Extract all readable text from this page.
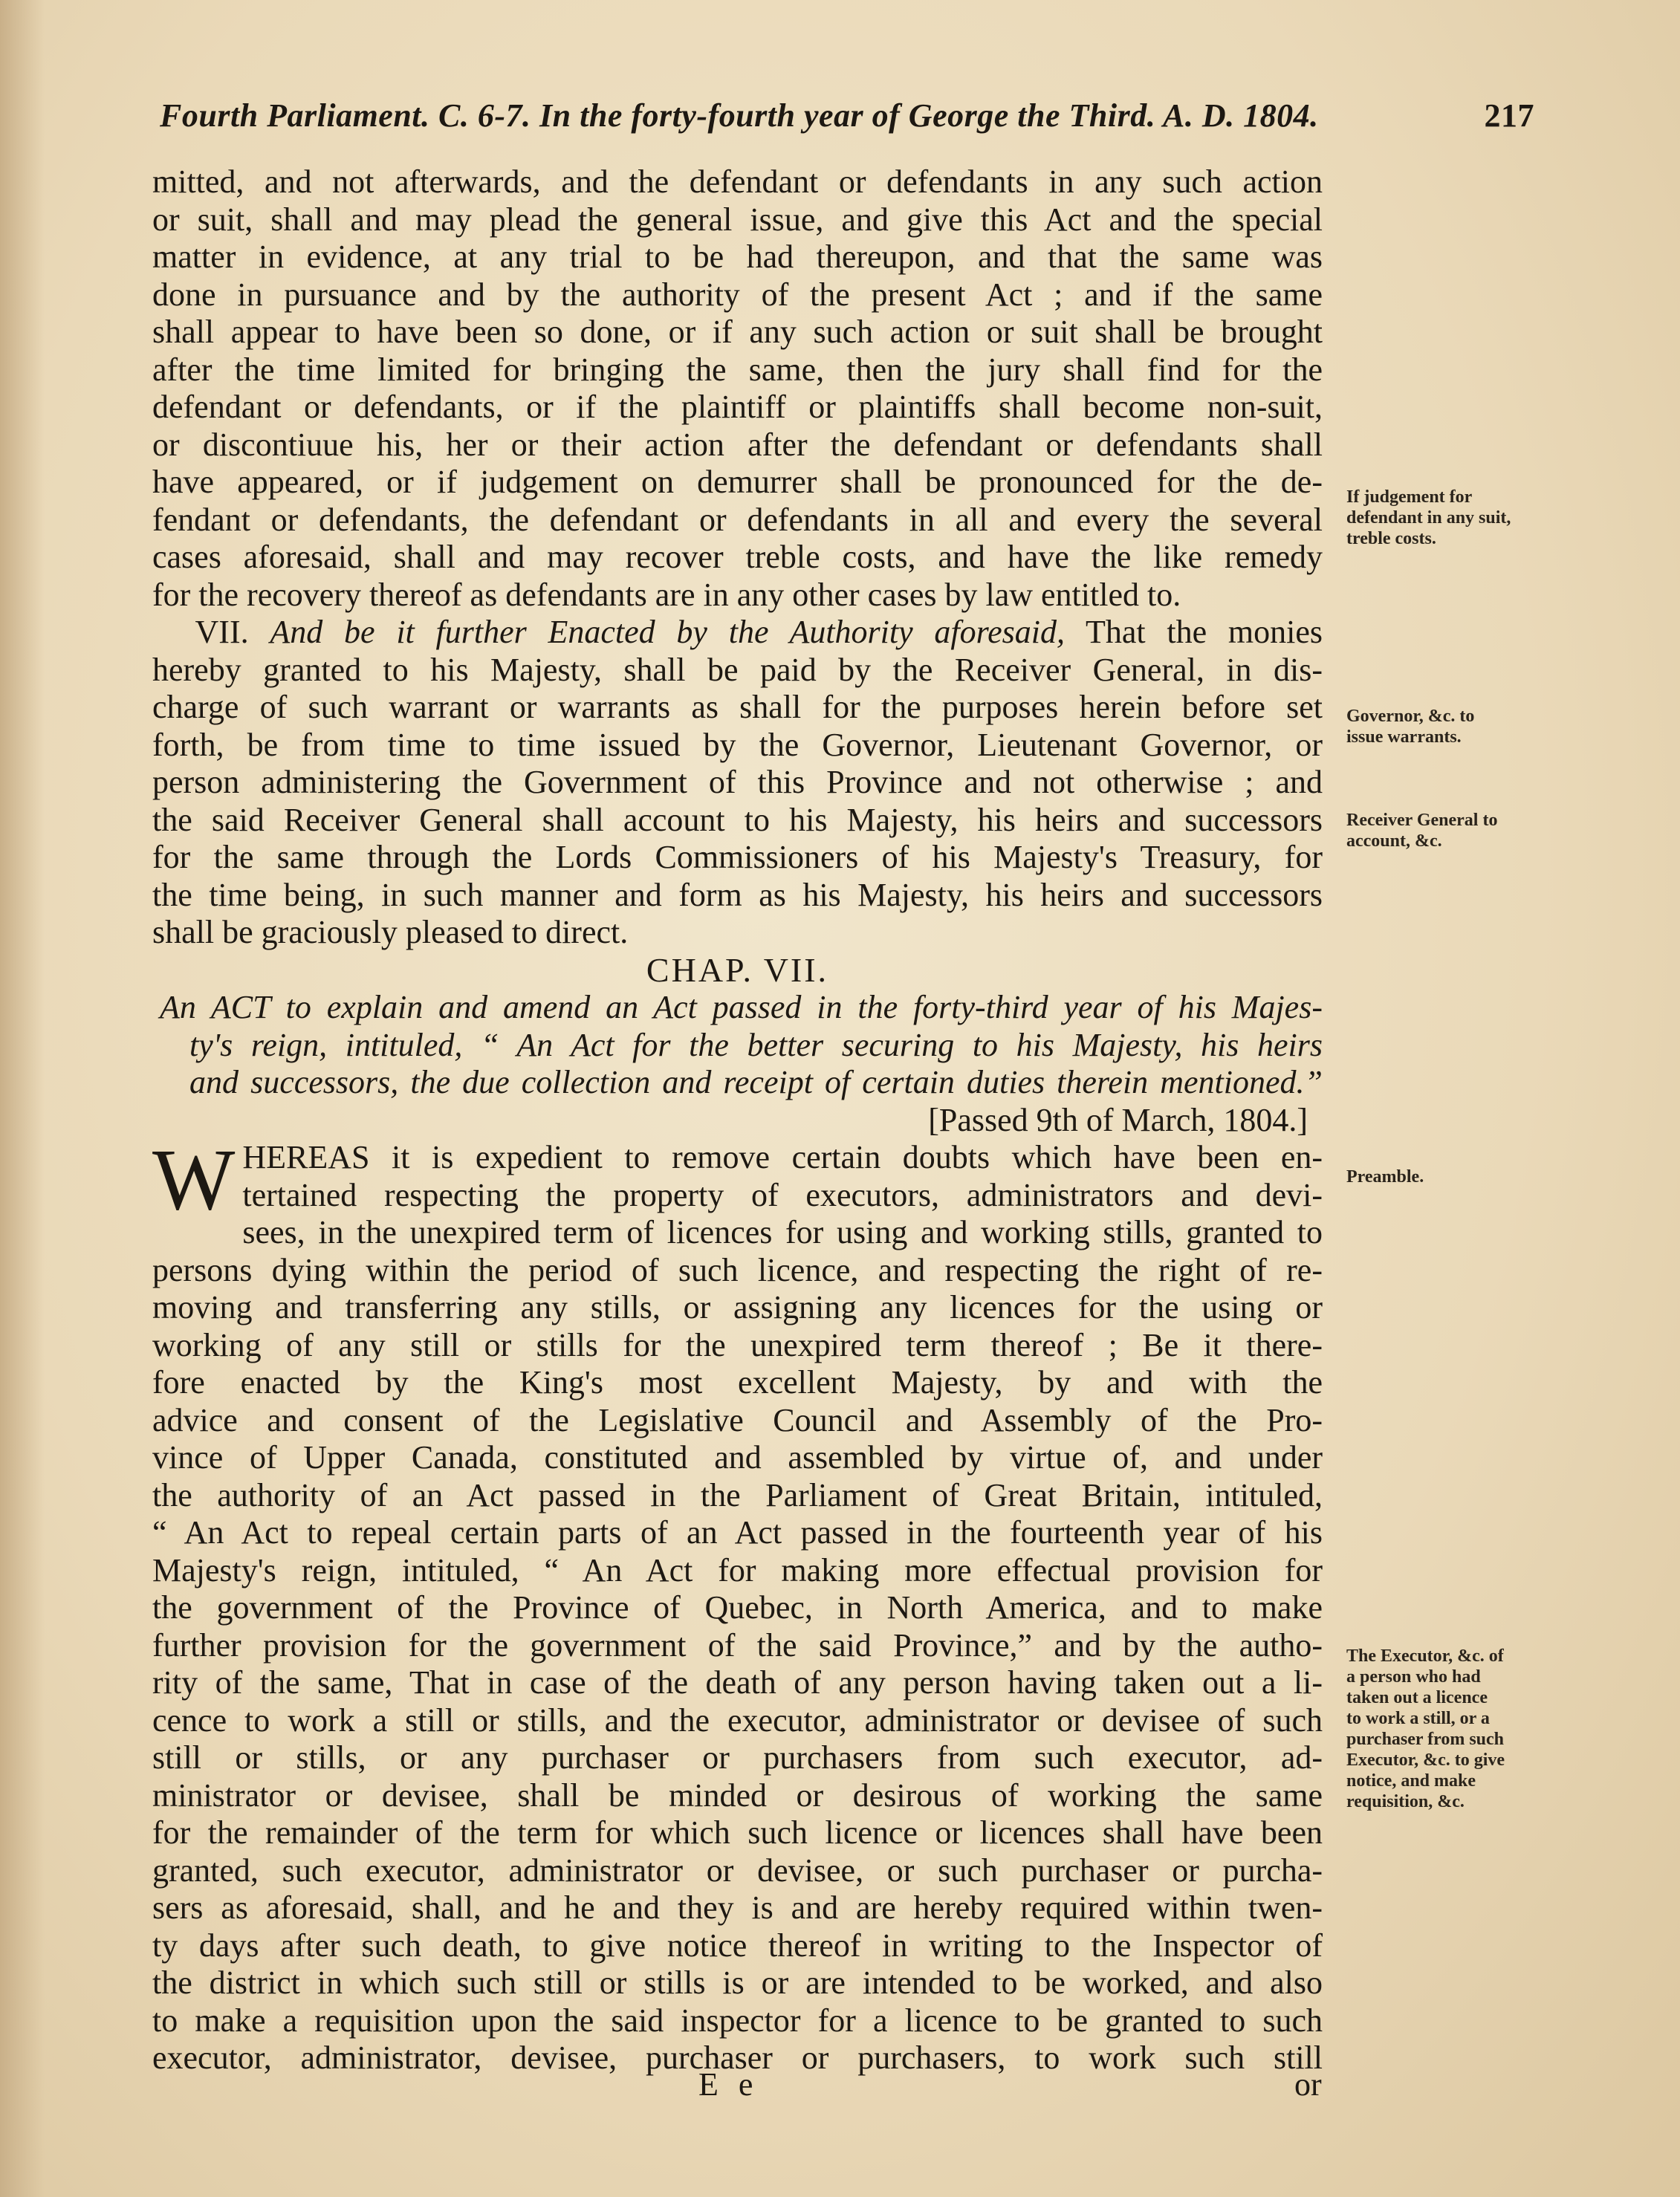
Fourth Parliament. C. 6-7. In the forty-fourth year of George the Third. A. D. 1804.	217

mitted, and not afterwards, and the defendant or defendants in any such action
or suit, shall and may plead the general issue, and give this Act and the special
matter in evidence, at any trial to be had thereupon, and that the same was
done in pursuance and by the authority of the present Act ; and if the same
shall appear to have been so done, or if any such action or suit shall be brought
after the time limited for bringing the same, then the jury shall find for the
defendant or defendants, or if the plaintiff or plaintiffs shall become non-suit,
or discontiuue his, her or their action after the defendant or defendants shall
have appeared, or if judgement on demurrer shall be pronounced for the de-
fendant or defendants, the defendant or defendants in all and every the several
cases aforesaid, shall and may recover treble costs, and have the like remedy
for the recovery thereof as defendants are in any other cases by law entitled to.

VII. And be it further Enacted by the Authority aforesaid, That the monies
hereby granted to his Majesty, shall be paid by the Receiver General, in dis-
charge of such warrant or warrants as shall for the purposes herein before set
forth, be from time to time issued by the Governor, Lieutenant Governor, or
person administering the Government of this Province and not otherwise ; and
the said Receiver General shall account to his Majesty, his heirs and successors
for the same through the Lords Commissioners of his Majesty's Treasury, for
the time being, in such manner and form as his Majesty, his heirs and successors
shall be graciously pleased to direct.

CHAP. VII.

An ACT to explain and amend an Act passed in the forty-third year of his Majes-
ty's reign, intituled, “ An Act for the better securing to his Majesty, his heirs
and successors, the due collection and receipt of certain duties therein mentioned.”

[Passed 9th of March, 1804.]

W HEREAS it is expedient to remove certain doubts which have been en-
tertained respecting the property of executors, administrators and devi-
sees, in the unexpired term of licences for using and working stills, granted to
persons dying within the period of such licence, and respecting the right of re-
moving and transferring any stills, or assigning any licences for the using or
working of any still or stills for the unexpired term thereof ; Be it there-
fore enacted by the King's most excellent Majesty, by and with the
advice and consent of the Legislative Council and Assembly of the Pro-
vince of Upper Canada, constituted and assembled by virtue of, and under
the authority of an Act passed in the Parliament of Great Britain, intituled,
“ An Act to repeal certain parts of an Act passed in the fourteenth year of his
Majesty's reign, intituled, “ An Act for making more effectual provision for
the government of the Province of Quebec, in North America, and to make
further provision for the government of the said Province,” and by the autho-
rity of the same, That in case of the death of any person having taken out a li-
cence to work a still or stills, and the executor, administrator or devisee of such
still or stills, or any purchaser or purchasers from such executor, ad-
ministrator or devisee, shall be minded or desirous of working the same
for the remainder of the term for which such licence or licences shall have been
granted, such executor, administrator or devisee, or such purchaser or purcha-
sers as aforesaid, shall, and he and they is and are hereby required within twen-
ty days after such death, to give notice thereof in writing to the Inspector of
the district in which such still or stills is or are intended to be worked, and also
to make a requisition upon the said inspector for a licence to be granted to such
executor, administrator, devisee, purchaser or purchasers, to work such still
If judgement for defendant in any suit, treble costs.
Governor, &c. to issue warrants.
Receiver General to account, &c.
Preamble.
The Executor, &c. of a person who had taken out a licence to work a still, or a purchaser from such Executor, &c. to give notice, and make requisition, &c.
E e	or
